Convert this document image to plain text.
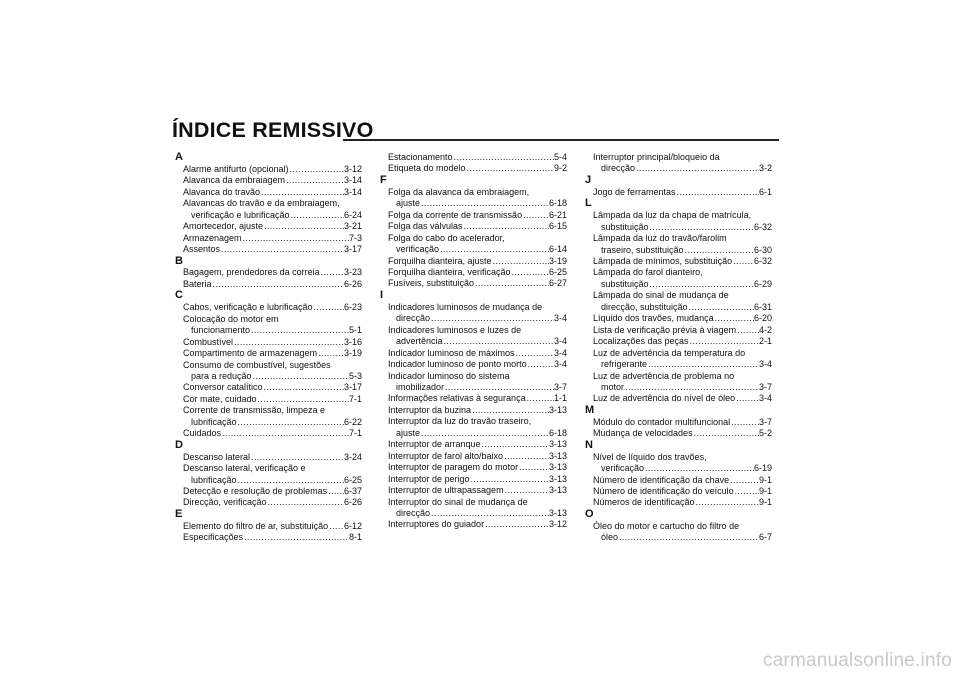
ÍNDICE REMISSIVO
A
Alarme antifurto (opcional) .....	3-12
Alavanca da embraiagem .....	3-14
Alavanca do travão .....	3-14
Alavancas do travão e da embraiagem,
verificação e lubrificação .....	6-24
Amortecedor, ajuste .....	3-21
Armazenagem .....	7-3
Assentos .....	3-17
B
Bagagem, prendedores da correia .....	3-23
Bateria .....	6-26
C
Cabos, verificação e lubrificação .....	6-23
Colocação do motor em
funcionamento .....	5-1
Combustível .....	3-16
Compartimento de armazenagem .....	3-19
Consumo de combustível, sugestões
para a redução .....	5-3
Conversor catalítico .....	3-17
Cor mate, cuidado .....	7-1
Corrente de transmissão, limpeza e
lubrificação .....	6-22
Cuidados .....	7-1
D
Descanso lateral .....	3-24
Descanso lateral, verificação e
lubrificação .....	6-25
Detecção e resolução de problemas ..... 6-37
Direcção, verificação .....	6-26
E
Elemento do filtro de ar, substituição ..... 6-12
Especificações .....	8-1
Estacionamento .....	5-4
Etiqueta do modelo .....	9-2
F
Folga da alavanca da embraiagem,
ajuste .....	6-18
Folga da corrente de transmissão .....	6-21
Folga das válvulas .....	6-15
Folga do cabo do acelerador,
verificação .....	6-14
Forquilha dianteira, ajuste .....	3-19
Forquilha dianteira, verificação .....	6-25
Fusíveis, substituição .....	6-27
I
Indicadores luminosos de mudança de
direcção .....	3-4
Indicadores luminosos e luzes de
advertência .....	3-4
Indicador luminoso de máximos .....	3-4
Indicador luminoso de ponto morto .....	3-4
Indicador luminoso do sistema
imobilizador .....	3-7
Informações relativas à segurança .....	1-1
Interruptor da buzina .....	3-13
Interruptor da luz do travão traseiro,
ajuste .....	6-18
Interruptor de arranque .....	3-13
Interruptor de farol alto/baixo .....	3-13
Interruptor de paragem do motor .....	3-13
Interruptor de perigo .....	3-13
Interruptor de ultrapassagem .....	3-13
Interruptor do sinal de mudança de
direcção .....	3-13
Interruptores do guiador .....	3-12
Interruptor principal/bloqueio da
direcção .....	3-2
J
Jogo de ferramentas .....	6-1
L
Lâmpada da luz da chapa de matrícula,
substituição .....	6-32
Lâmpada da luz do travão/farolim
traseiro, substituição .....	6-30
Lâmpada de mínimos, substituição ..... 6-32
Lâmpada do farol dianteiro,
substituição .....	6-29
Lâmpada do sinal de mudança de
direcção, substituição .....	6-31
Líquido dos travões, mudança .....	6-20
Lista de verificação prévia à viagem .....	4-2
Localizações das peças .....	2-1
Luz de advertência da temperatura do
refrigerante .....	3-4
Luz de advertência de problema no
motor .....	3-7
Luz de advertência do nível de óleo .....	3-4
M
Módulo do contador multifuncional .....	3-7
Mudança de velocidades .....	5-2
N
Nível de líquido dos travões,
verificação .....	6-19
Número de identificação da chave .....	9-1
Número de identificação do veículo .....	9-1
Números de identificação .....	9-1
O
Óleo do motor e cartucho do filtro de
óleo .....	6-7
carmanualsonline.info
